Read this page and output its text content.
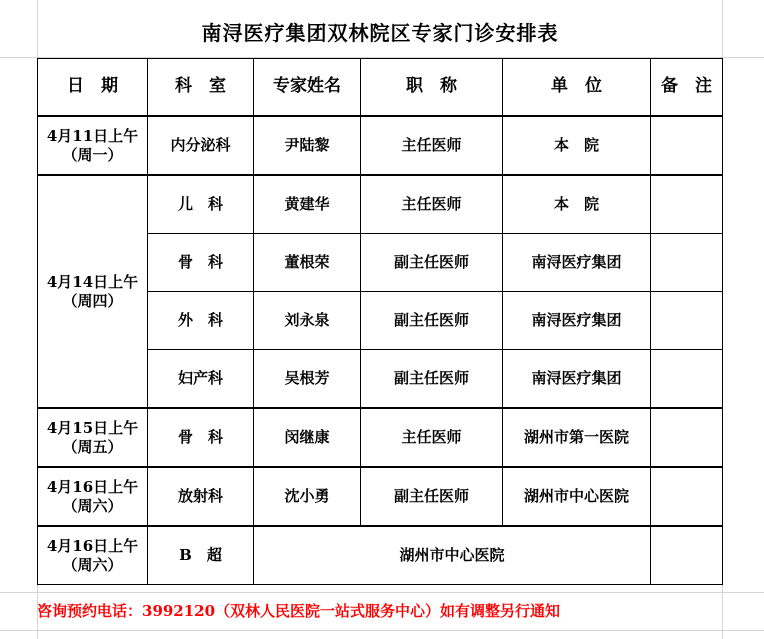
南浔医疗集团双林院区专家门诊安排表
日　期	科　室	专家姓名	职　称	单　位	备　注

4月11日上午
（周一）	内分泌科	尹陆黎	主任医师	本　院	

4月14日上午
（周四）	儿　科	黄建华	主任医师	本　院	
	骨　科	董根荣	副主任医师	南浔医疗集团	
	外　科	刘永泉	副主任医师	南浔医疗集团	
	妇产科	吴根芳	副主任医师	南浔医疗集团	

4月15日上午
（周五）	骨　科	闵继康	主任医师	湖州市第一医院	

4月16日上午
（周六）	放射科	沈小勇	副主任医师	湖州市中心医院	

4月16日上午
（周六）	B　超	湖州市中心医院			
咨询预约电话：3992120（双林人民医院一站式服务中心）如有调整另行通知
